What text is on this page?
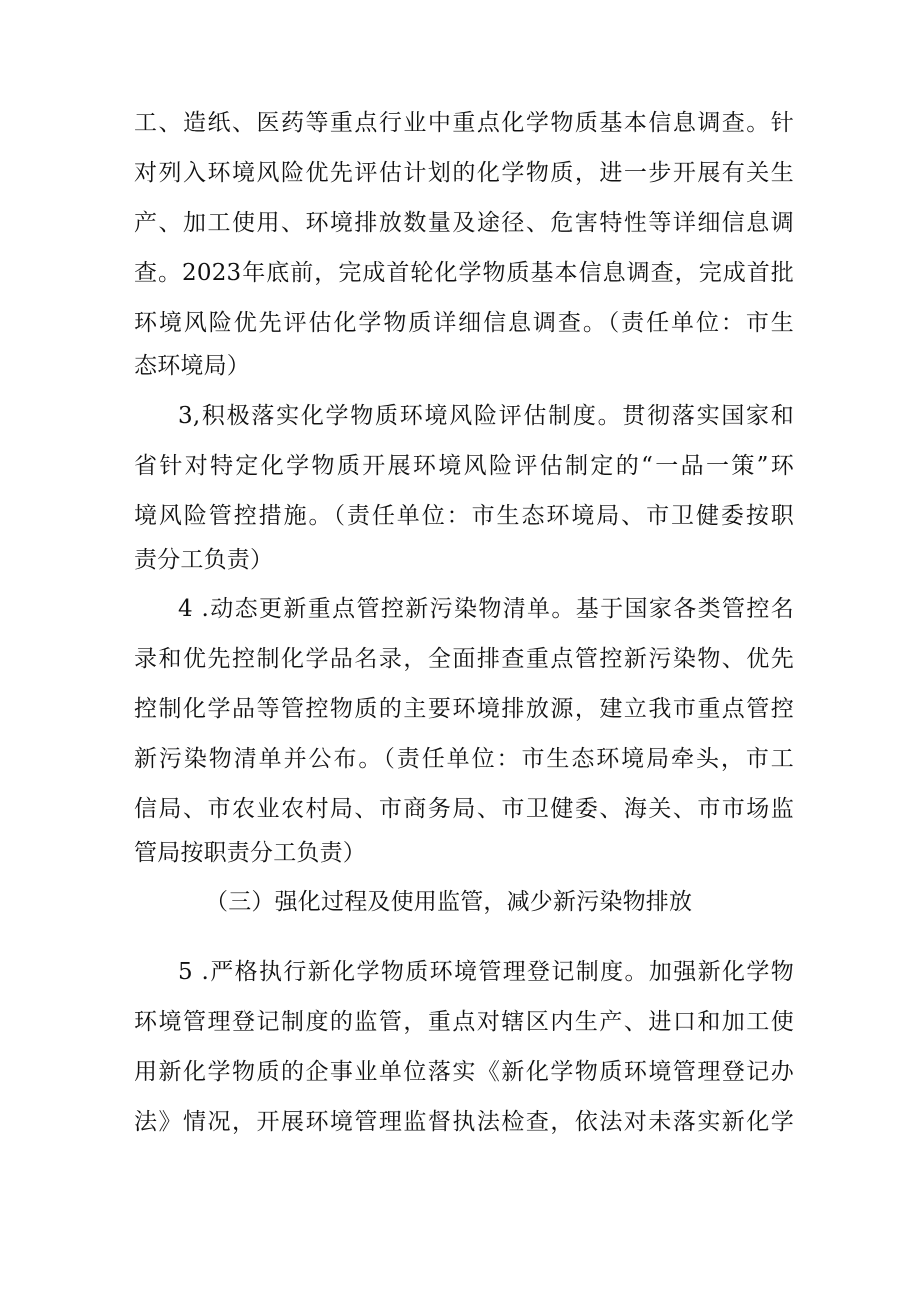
工、造纸、医药等重点行业中重点化学物质基本信息调查。针
对列入环境风险优先评估计划的化学物质，进一步开展有关生
产、加工使用、环境排放数量及途径、危害特性等详细信息调
查。2023年底前，完成首轮化学物质基本信息调查，完成首批
环境风险优先评估化学物质详细信息调查。（责任单位：市生
态环境局）
3,积极落实化学物质环境风险评估制度。贯彻落实国家和
省针对特定化学物质开展环境风险评估制定的“一品一策”环
境风险管控措施。（责任单位：市生态环境局、市卫健委按职
责分工负责）
4 .动态更新重点管控新污染物清单。基于国家各类管控名
录和优先控制化学品名录，全面排查重点管控新污染物、优先
控制化学品等管控物质的主要环境排放源，建立我市重点管控
新污染物清单并公布。（责任单位：市生态环境局牵头，市工
信局、市农业农村局、市商务局、市卫健委、海关、市市场监
管局按职责分工负责）
（三）强化过程及使用监管，减少新污染物排放
5 .严格执行新化学物质环境管理登记制度。加强新化学物
环境管理登记制度的监管，重点对辖区内生产、进口和加工使
用新化学物质的企事业单位落实《新化学物质环境管理登记办
法》情况，开展环境管理监督执法检查，依法对未落实新化学
